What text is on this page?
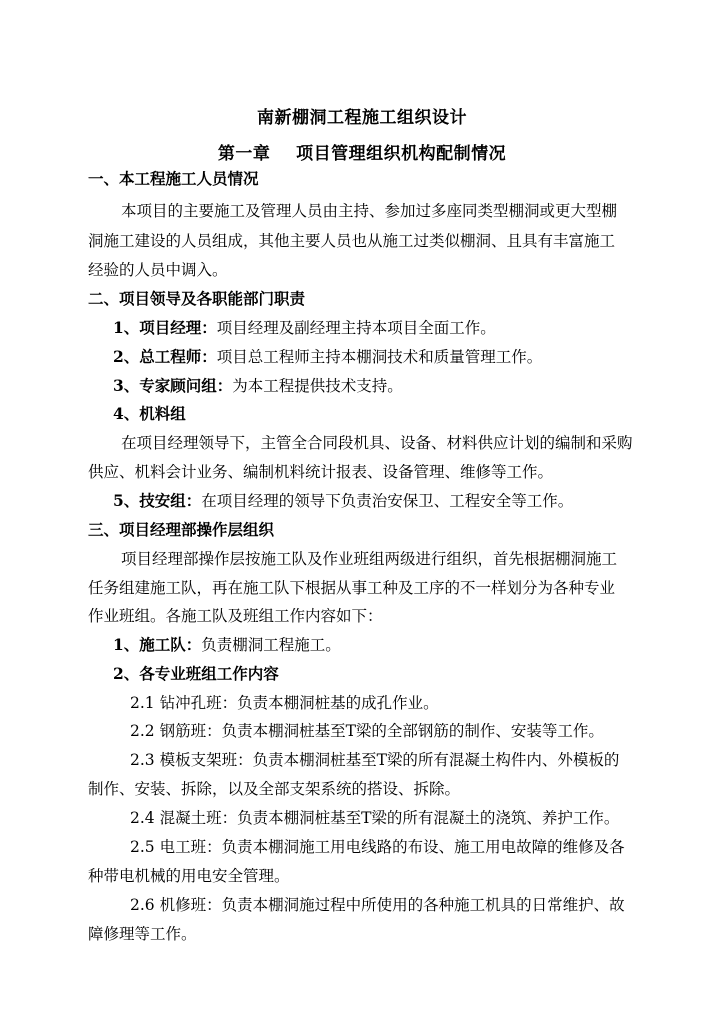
南新棚洞工程施工组织设计
第一章    项目管理组织机构配制情况
一、本工程施工人员情况
本项目的主要施工及管理人员由主持、参加过多座同类型棚洞或更大型棚
洞施工建设的人员组成，其他主要人员也从施工过类似棚洞、且具有丰富施工
经验的人员中调入。
二、项目领导及各职能部门职责
1、项目经理：项目经理及副经理主持本项目全面工作。
2、总工程师：项目总工程师主持本棚洞技术和质量管理工作。
3、专家顾问组：为本工程提供技术支持。
4、机料组
在项目经理领导下，主管全合同段机具、设备、材料供应计划的编制和采购
供应、机料会计业务、编制机料统计报表、设备管理、维修等工作。
5、技安组：在项目经理的领导下负责治安保卫、工程安全等工作。
三、项目经理部操作层组织
项目经理部操作层按施工队及作业班组两级进行组织，首先根据棚洞施工
任务组建施工队，再在施工队下根据从事工种及工序的不一样划分为各种专业
作业班组。各施工队及班组工作内容如下：
1、施工队：负责棚洞工程施工。
2、各专业班组工作内容
2.1 钻冲孔班：负责本棚洞桩基的成孔作业。
2.2 钢筋班：负责本棚洞桩基至T梁的全部钢筋的制作、安装等工作。
2.3 模板支架班：负责本棚洞桩基至T梁的所有混凝土构件内、外模板的
制作、安装、拆除，以及全部支架系统的搭设、拆除。
2.4 混凝土班：负责本棚洞桩基至T梁的所有混凝土的浇筑、养护工作。
2.5 电工班：负责本棚洞施工用电线路的布设、施工用电故障的维修及各
种带电机械的用电安全管理。
2.6 机修班：负责本棚洞施过程中所使用的各种施工机具的日常维护、故
障修理等工作。
